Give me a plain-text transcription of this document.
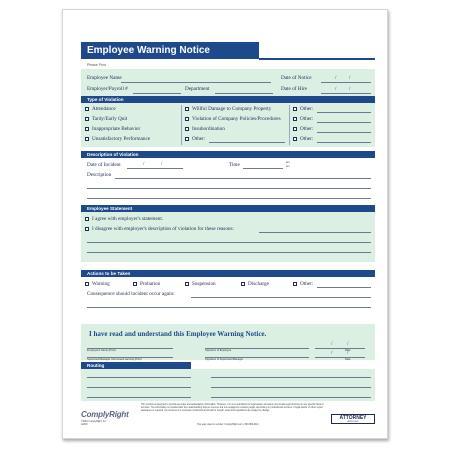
Employee Warning Notice
Please Print
Employee Name	Date of Notice	/	/
Employer/Payroll #	Department	Date of Hire	/	/
Type of Violation
Attendance
Tardy/Early Quit
Inappropriate Behavior
Unsatisfactory Performance
Willful Damage to Company Property
Violation of Company Policies/Procedures
Insubordination
Other:
Other:
Other:
Other:
Other:
Description of Violation
Date of Incident	/	/	Time	am
pm
Description
Employee Statement
I agree with employer's statement.
I disagree with employer's description of violation for these reasons:
Actions to be Taken
Warning	Probation	Suspension	Discharge	Other:
Consequence should incident occur again:
I have read and understand this Employee Warning Notice.
Employee's Name (Print)	Signature of Employee
/	/
Date
Supervisor/Manager who issued warning (Print)	Signature of Supervisor/Manager
/	/
Date
Routing
ComplyRight
©2016 ComplyRight, Inc.
A2315
This product is designed to provide accurate and authoritative information. However, it is not a substitute for legal advice and does not provide legal opinions on any specific facts or services. The information is provided with the understanding that our sources are not engaged in rendering legal, accounting or professional services. If legal advice or other expert assistance is required, the services of a competent professional should be sought. Laws and regulations are subject to change.
Two easy ways to reorder: ComplyRight.com • 800-999-9111
ATTORNEY
APPROVED
